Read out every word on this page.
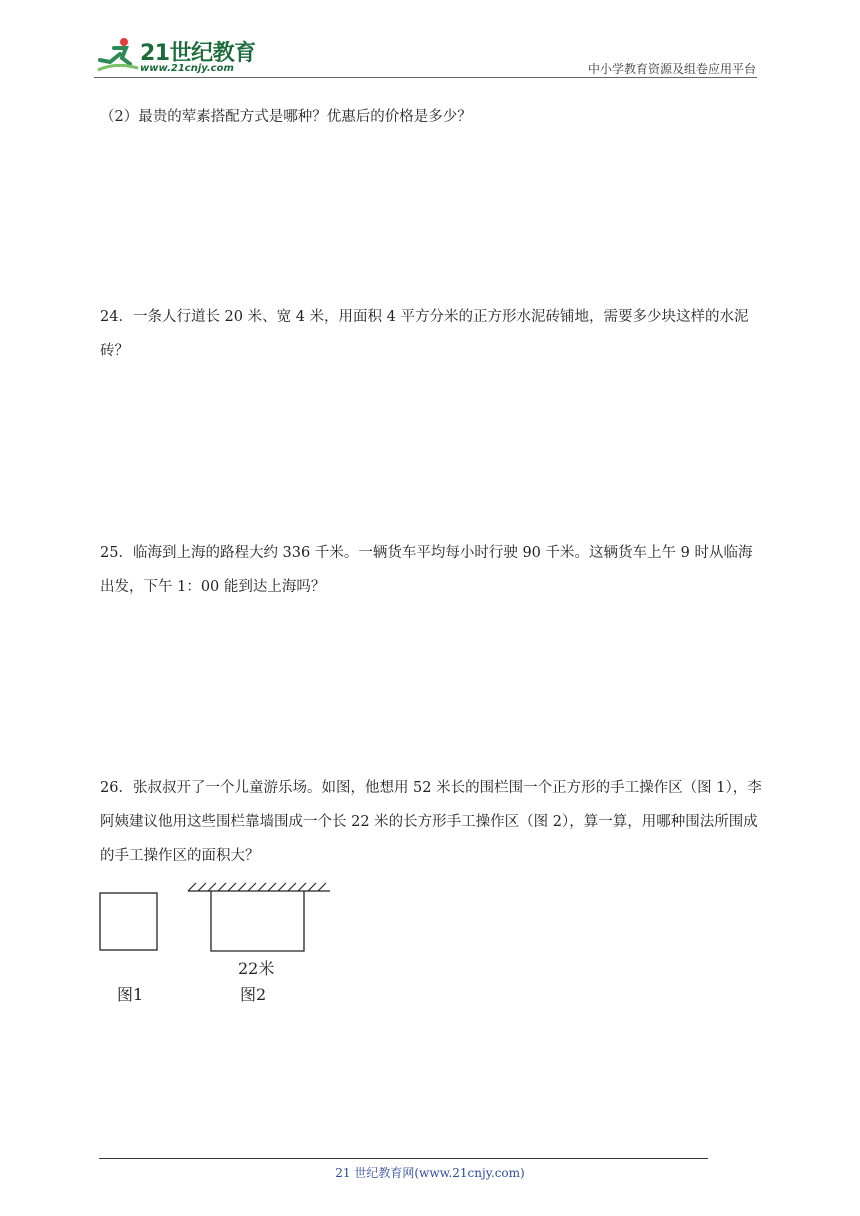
21世纪教育
www.21cnjy.com	中小学教育资源及组卷应用平台
（2）最贵的荤素搭配方式是哪种？优惠后的价格是多少？
24．一条人行道长 20 米、宽 4 米，用面积 4 平方分米的正方形水泥砖铺地，需要多少块这样的水泥砖？
25．临海到上海的路程大约 336 千米。一辆货车平均每小时行驶 90 千米。这辆货车上午 9 时从临海出发，下午 1：00 能到达上海吗？
26．张叔叔开了一个儿童游乐场。如图，他想用 52 米长的围栏围一个正方形的手工操作区（图 1），李阿姨建议他用这些围栏靠墙围成一个长 22 米的长方形手工操作区（图 2），算一算，用哪种围法所围成的手工操作区的面积大？
22米
图1	图2
21 世纪教育网(www.21cnjy.com)
